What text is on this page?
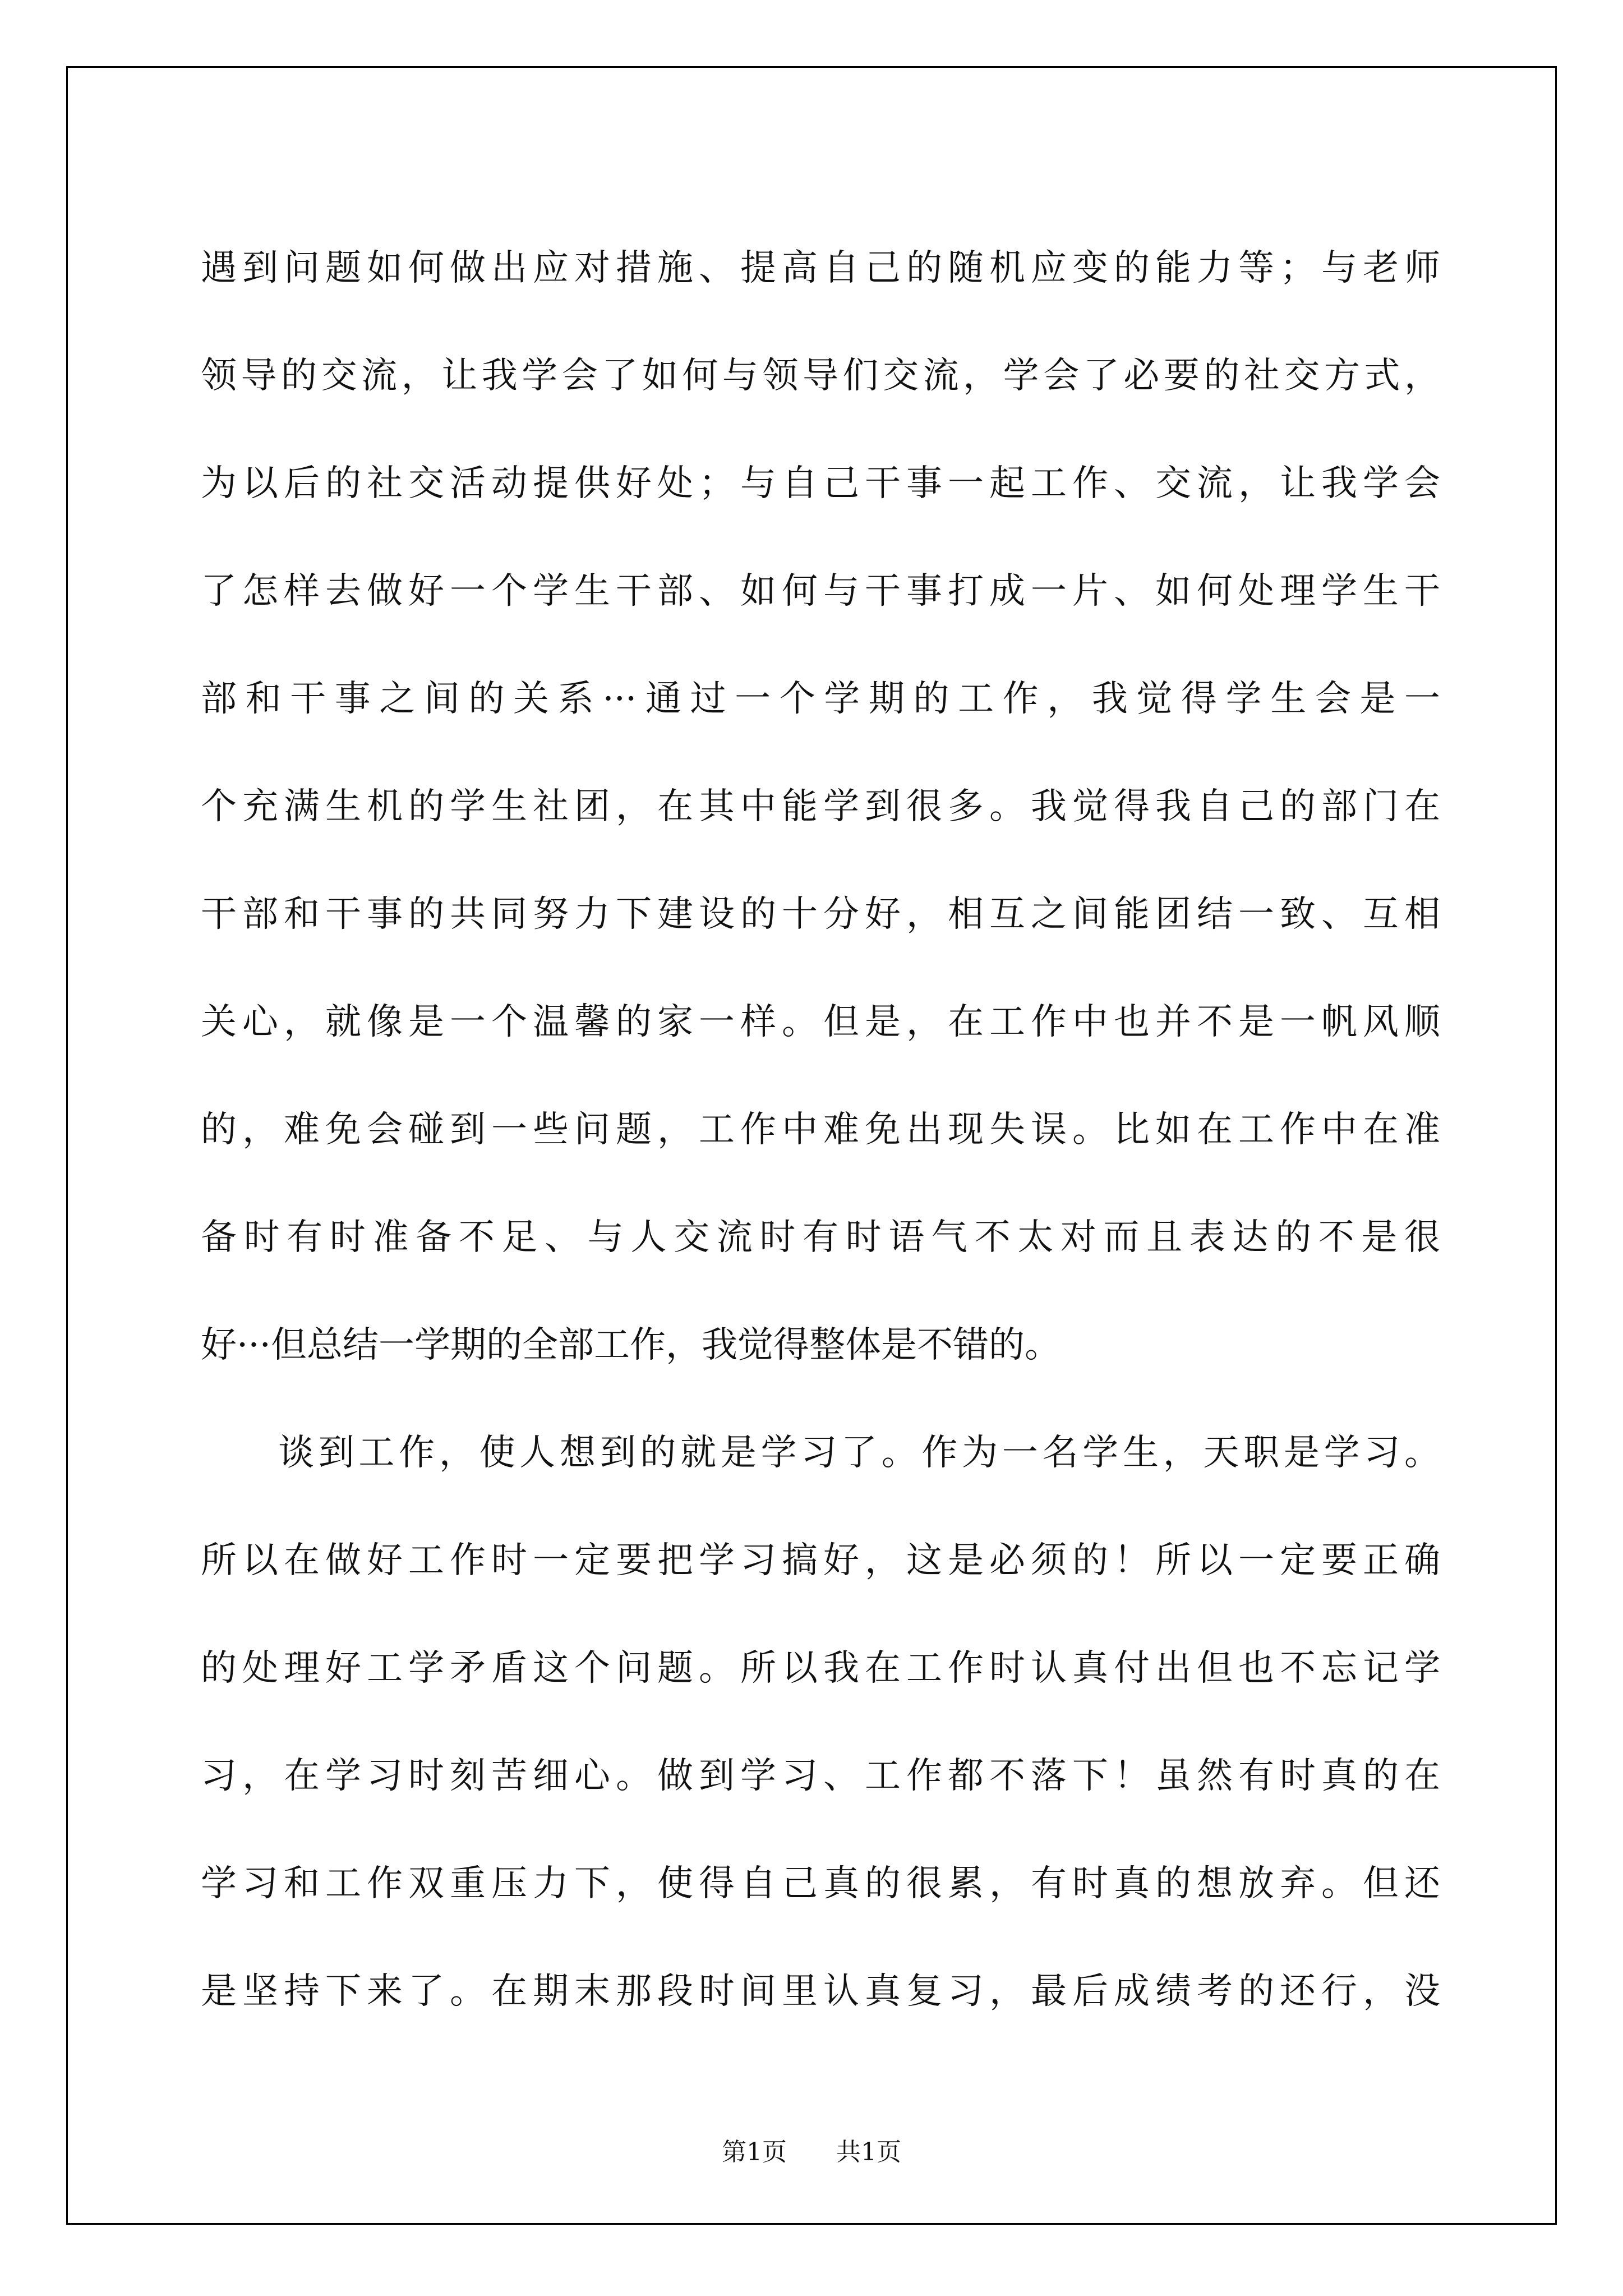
遇到问题如何做出应对措施、提高自己的随机应变的能力等；与老师
领导的交流，让我学会了如何与领导们交流，学会了必要的社交方式，
为以后的社交活动提供好处；与自己干事一起工作、交流，让我学会
了怎样去做好一个学生干部、如何与干事打成一片、如何处理学生干
部和干事之间的关系···通过一个学期的工作，我觉得学生会是一
个充满生机的学生社团，在其中能学到很多。我觉得我自己的部门在
干部和干事的共同努力下建设的十分好，相互之间能团结一致、互相
关心，就像是一个温馨的家一样。但是，在工作中也并不是一帆风顺
的，难免会碰到一些问题，工作中难免出现失误。比如在工作中在准
备时有时准备不足、与人交流时有时语气不太对而且表达的不是很
好···但总结一学期的全部工作，我觉得整体是不错的。
谈到工作，使人想到的就是学习了。作为一名学生，天职是学习。
所以在做好工作时一定要把学习搞好，这是必须的！所以一定要正确
的处理好工学矛盾这个问题。所以我在工作时认真付出但也不忘记学
习，在学习时刻苦细心。做到学习、工作都不落下！虽然有时真的在
学习和工作双重压力下，使得自己真的很累，有时真的想放弃。但还
是坚持下来了。在期末那段时间里认真复习，最后成绩考的还行，没
第1页 共1页
